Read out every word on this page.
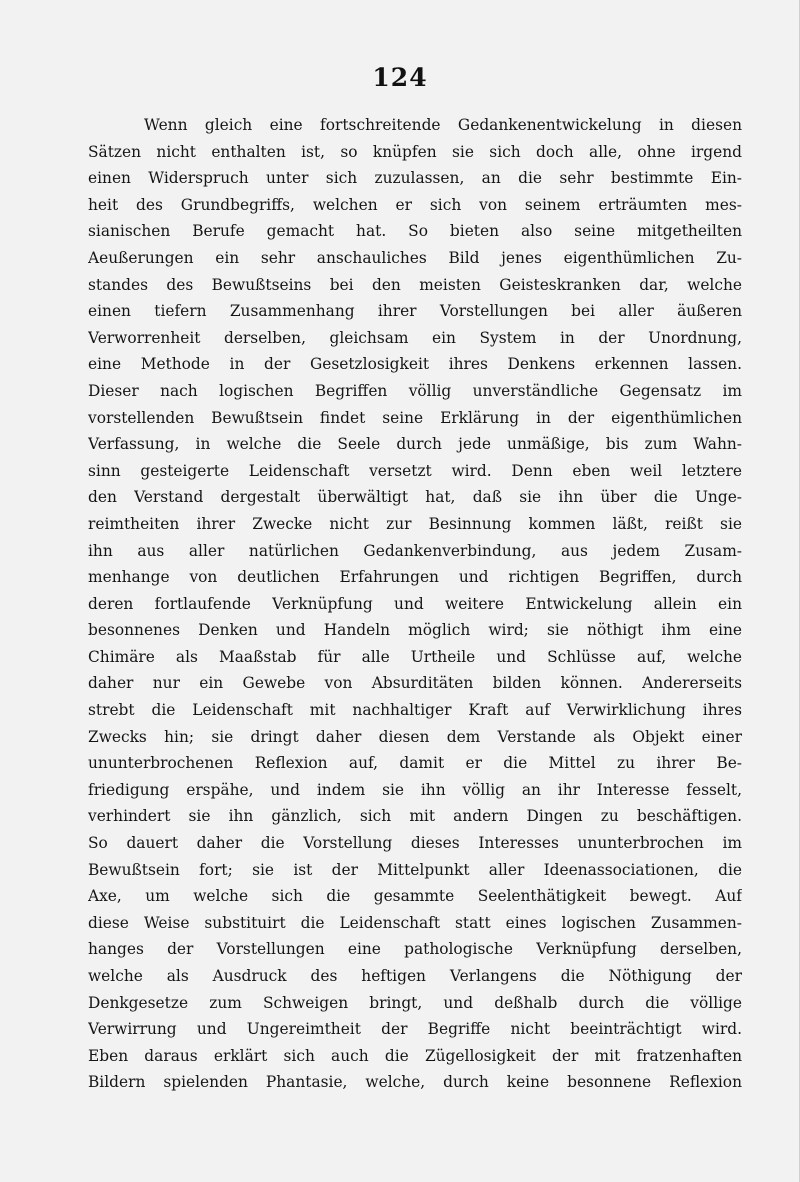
124
Wenn gleich eine fortschreitende Gedankenentwickelung in diesen
Sätzen nicht enthalten ist, so knüpfen sie sich doch alle, ohne irgend
einen Widerspruch unter sich zuzulassen, an die sehr bestimmte Ein-
heit des Grundbegriffs, welchen er sich von seinem erträumten mes-
sianischen Berufe gemacht hat. So bieten also seine mitgetheilten
Aeußerungen ein sehr anschauliches Bild jenes eigenthümlichen Zu-
standes des Bewußtseins bei den meisten Geisteskranken dar, welche
einen tiefern Zusammenhang ihrer Vorstellungen bei aller äußeren
Verworrenheit derselben, gleichsam ein System in der Unordnung,
eine Methode in der Gesetzlosigkeit ihres Denkens erkennen lassen.
Dieser nach logischen Begriffen völlig unverständliche Gegensatz im
vorstellenden Bewußtsein findet seine Erklärung in der eigenthümlichen
Verfassung, in welche die Seele durch jede unmäßige, bis zum Wahn-
sinn gesteigerte Leidenschaft versetzt wird. Denn eben weil letztere
den Verstand dergestalt überwältigt hat, daß sie ihn über die Unge-
reimtheiten ihrer Zwecke nicht zur Besinnung kommen läßt, reißt sie
ihn aus aller natürlichen Gedankenverbindung, aus jedem Zusam-
menhange von deutlichen Erfahrungen und richtigen Begriffen, durch
deren fortlaufende Verknüpfung und weitere Entwickelung allein ein
besonnenes Denken und Handeln möglich wird; sie nöthigt ihm eine
Chimäre als Maaßstab für alle Urtheile und Schlüsse auf, welche
daher nur ein Gewebe von Absurditäten bilden können. Andererseits
strebt die Leidenschaft mit nachhaltiger Kraft auf Verwirklichung ihres
Zwecks hin; sie dringt daher diesen dem Verstande als Objekt einer
ununterbrochenen Reflexion auf, damit er die Mittel zu ihrer Be-
friedigung erspähe, und indem sie ihn völlig an ihr Interesse fesselt,
verhindert sie ihn gänzlich, sich mit andern Dingen zu beschäftigen.
So dauert daher die Vorstellung dieses Interesses ununterbrochen im
Bewußtsein fort; sie ist der Mittelpunkt aller Ideenassociationen, die
Axe, um welche sich die gesammte Seelenthätigkeit bewegt. Auf
diese Weise substituirt die Leidenschaft statt eines logischen Zusammen-
hanges der Vorstellungen eine pathologische Verknüpfung derselben,
welche als Ausdruck des heftigen Verlangens die Nöthigung der
Denkgesetze zum Schweigen bringt, und deßhalb durch die völlige
Verwirrung und Ungereimtheit der Begriffe nicht beeinträchtigt wird.
Eben daraus erklärt sich auch die Zügellosigkeit der mit fratzenhaften
Bildern spielenden Phantasie, welche, durch keine besonnene Reflexion
